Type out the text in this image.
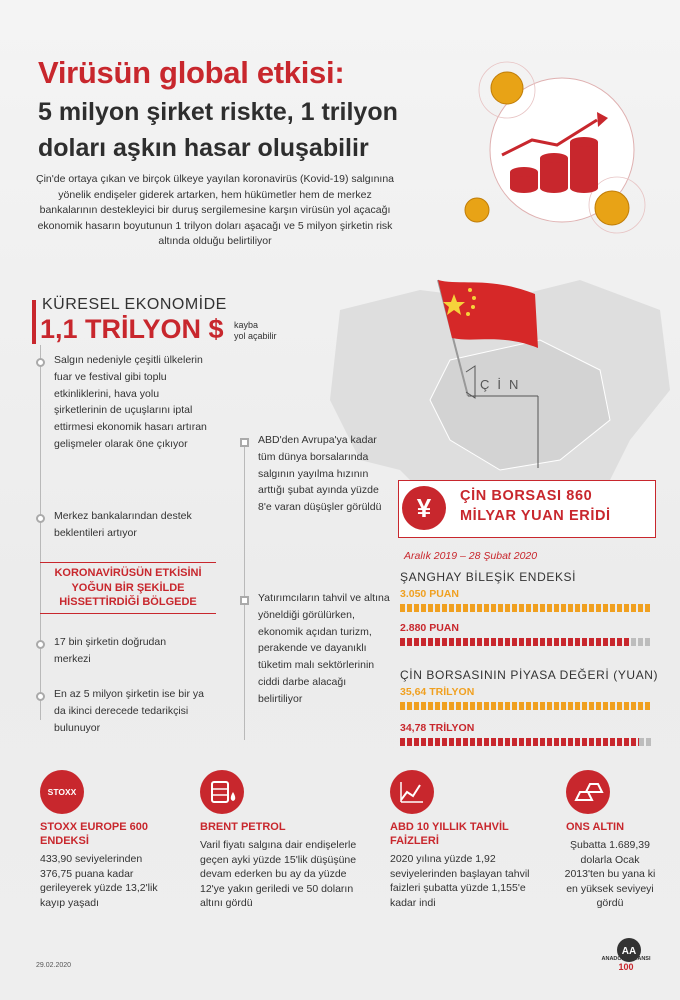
Virüsün global etkisi:
5 milyon şirket riskte, 1 trilyon
doları aşkın hasar oluşabilir
Çin'de ortaya çıkan ve birçok ülkeye yayılan koronavirüs (Kovid-19) salgınına yönelik endişeler giderek artarken, hem hükümetler hem de merkez bankalarının destekleyici bir duruş sergilemesine karşın virüsün yol açacağı ekonomik hasarın boyutunun 1 trilyon doları aşacağı ve 5 milyon şirketin risk altında olduğu belirtiliyor
KÜRESEL EKONOMİDE
1,1 TRİLYON $ kayba
yol açabilir
Salgın nedeniyle çeşitli ülkelerin fuar ve festival gibi toplu etkinliklerini, hava yolu şirketlerinin de uçuşlarını iptal ettirmesi ekonomik hasarı artıran gelişmeler olarak öne çıkıyor
Merkez bankalarından destek beklentileri artıyor
KORONAVİRÜSÜN ETKİSİNİ YOĞUN BİR ŞEKİLDE HİSSETTİRDİĞİ BÖLGEDE
17 bin şirketin doğrudan merkezi
En az 5 milyon şirketin ise bir ya da ikinci derecede tedarikçisi bulunuyor
ABD'den Avrupa'ya kadar tüm dünya borsalarında salgının yayılma hızının arttığı şubat ayında yüzde 8'e varan düşüşler görüldü
Yatırımcıların tahvil ve altına yöneldiği görülürken, ekonomik açıdan turizm, perakende ve dayanıklı tüketim malı sektörlerinin ciddi darbe alacağı belirtiliyor
ÇİN
¥	ÇİN BORSASI 860
MİLYAR YUAN ERİDİ
Aralık 2019 – 28 Şubat 2020
ŞANGHAY BİLEŞİK ENDEKSİ
3.050 PUAN
2.880 PUAN
ÇİN BORSASININ PİYASA DEĞERİ (YUAN)
35,64 TRİLYON
34,78 TRİLYON
STOXX
STOXX EUROPE 600 ENDEKSİ
433,90 seviyelerinden 376,75 puana kadar gerileyerek yüzde 13,2'lik kayıp yaşadı
BRENT PETROL
Varil fiyatı salgına dair endişelerle geçen ayki yüzde 15'lik düşüşüne devam ederken bu ay da yüzde 12'ye yakın geriledi ve 50 doların altını gördü
ABD 10 YILLIK TAHVİL FAİZLERİ
2020 yılına yüzde 1,92 seviyelerinden başlayan tahvil faizleri şubatta yüzde 1,155'e kadar indi
ONS ALTIN
Şubatta 1.689,39 dolarla Ocak 2013'ten bu yana ki en yüksek seviyeyi gördü
29.02.2020
AA
ANADOLU AJANSI
100
